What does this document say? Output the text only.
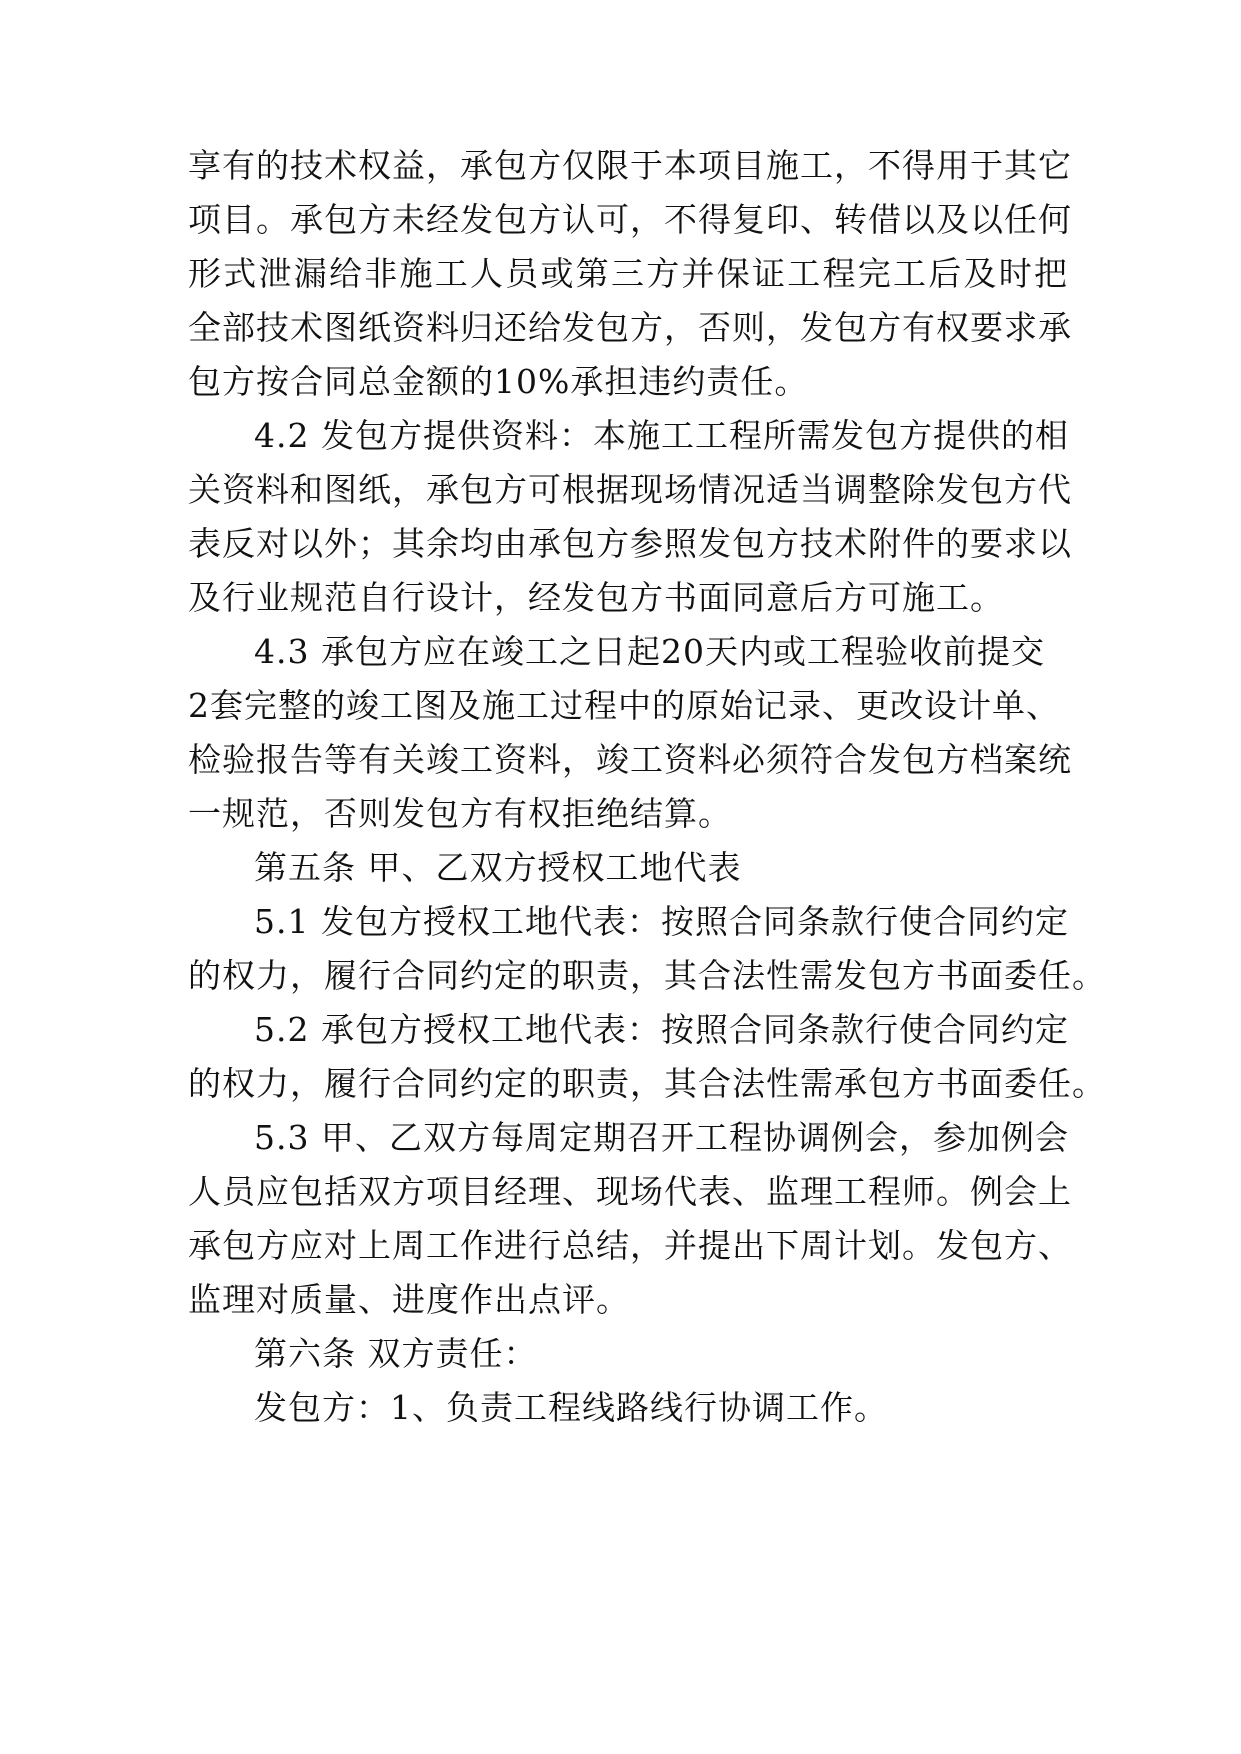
享有的技术权益，承包方仅限于本项目施工，不得用于其它
项目。承包方未经发包方认可，不得复印、转借以及以任何
形式泄漏给非施工人员或第三方并保证工程完工后及时把
全部技术图纸资料归还给发包方，否则，发包方有权要求承
包方按合同总金额的10%承担违约责任。
4.2 发包方提供资料：本施工工程所需发包方提供的相
关资料和图纸，承包方可根据现场情况适当调整除发包方代
表反对以外；其余均由承包方参照发包方技术附件的要求以
及行业规范自行设计，经发包方书面同意后方可施工。
4.3 承包方应在竣工之日起20天内或工程验收前提交
2套完整的竣工图及施工过程中的原始记录、更改设计单、
检验报告等有关竣工资料，竣工资料必须符合发包方档案统
一规范，否则发包方有权拒绝结算。
第五条 甲、乙双方授权工地代表
5.1 发包方授权工地代表：按照合同条款行使合同约定
的权力，履行合同约定的职责，其合法性需发包方书面委任。
5.2 承包方授权工地代表：按照合同条款行使合同约定
的权力，履行合同约定的职责，其合法性需承包方书面委任。
5.3 甲、乙双方每周定期召开工程协调例会，参加例会
人员应包括双方项目经理、现场代表、监理工程师。例会上
承包方应对上周工作进行总结，并提出下周计划。发包方、
监理对质量、进度作出点评。
第六条 双方责任：
发包方：1、负责工程线路线行协调工作。
